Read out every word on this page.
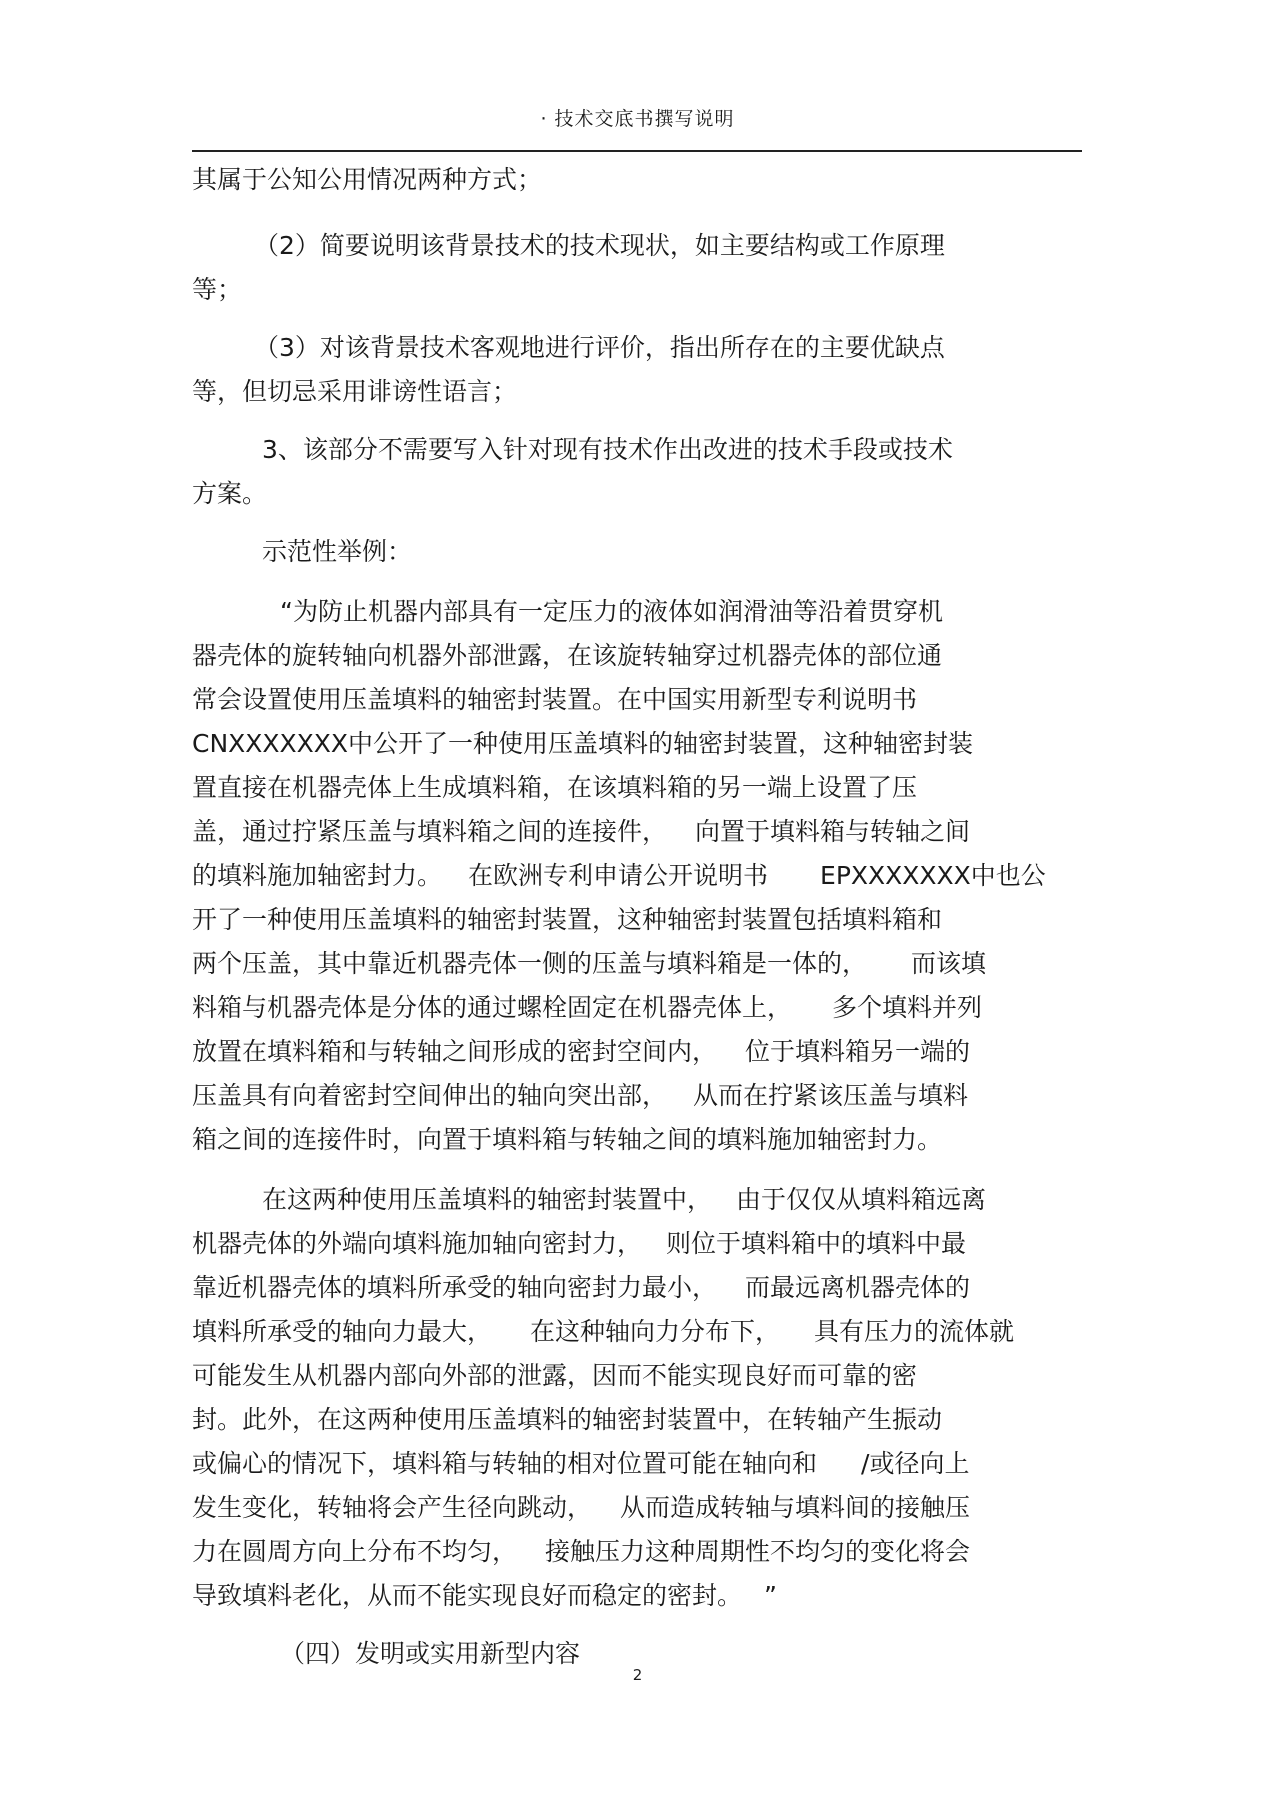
· 技术交底书撰写说明
其属于公知公用情况两种方式；
（2）简要说明该背景技术的技术现状，如主要结构或工作原理
等；
（3）对该背景技术客观地进行评价，指出所存在的主要优缺点
等，但切忌采用诽谤性语言；
3、该部分不需要写入针对现有技术作出改进的技术手段或技术
方案。
示范性举例：
“为防止机器内部具有一定压力的液体如润滑油等沿着贯穿机
器壳体的旋转轴向机器外部泄露，在该旋转轴穿过机器壳体的部位通
常会设置使用压盖填料的轴密封装置。在中国实用新型专利说明书
CNXXXXXXX中公开了一种使用压盖填料的轴密封装置，这种轴密封装
置直接在机器壳体上生成填料箱，在该填料箱的另一端上设置了压
盖，通过拧紧压盖与填料箱之间的连接件， 向置于填料箱与转轴之间
的填料施加轴密封力。 在欧洲专利申请公开说明书 EPXXXXXXX中也公
开了一种使用压盖填料的轴密封装置，这种轴密封装置包括填料箱和
两个压盖，其中靠近机器壳体一侧的压盖与填料箱是一体的， 而该填
料箱与机器壳体是分体的通过螺栓固定在机器壳体上， 多个填料并列
放置在填料箱和与转轴之间形成的密封空间内， 位于填料箱另一端的
压盖具有向着密封空间伸出的轴向突出部， 从而在拧紧该压盖与填料
箱之间的连接件时，向置于填料箱与转轴之间的填料施加轴密封力。
在这两种使用压盖填料的轴密封装置中， 由于仅仅从填料箱远离
机器壳体的外端向填料施加轴向密封力， 则位于填料箱中的填料中最
靠近机器壳体的填料所承受的轴向密封力最小， 而最远离机器壳体的
填料所承受的轴向力最大， 在这种轴向力分布下， 具有压力的流体就
可能发生从机器内部向外部的泄露，因而不能实现良好而可靠的密
封。此外，在这两种使用压盖填料的轴密封装置中，在转轴产生振动
或偏心的情况下，填料箱与转轴的相对位置可能在轴向和 /或径向上
发生变化，转轴将会产生径向跳动， 从而造成转轴与填料间的接触压
力在圆周方向上分布不均匀， 接触压力这种周期性不均匀的变化将会
导致填料老化，从而不能实现良好而稳定的密封。 ”
（四）发明或实用新型内容
2
